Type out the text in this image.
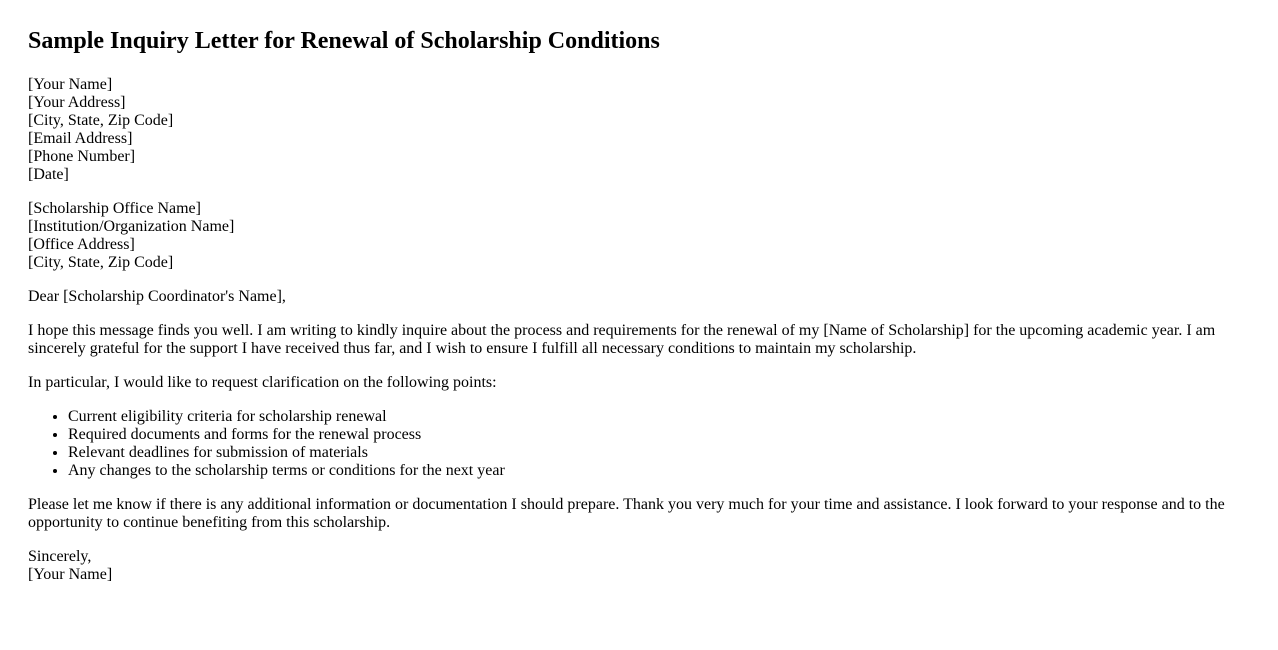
Sample Inquiry Letter for Renewal of Scholarship Conditions
[Your Name]
[Your Address]
[City, State, Zip Code]
[Email Address]
[Phone Number]
[Date]
[Scholarship Office Name]
[Institution/Organization Name]
[Office Address]
[City, State, Zip Code]

Dear [Scholarship Coordinator's Name],

I hope this message finds you well. I am writing to kindly inquire about the process and requirements for the renewal of my [Name of Scholarship] for the upcoming academic year. I am sincerely grateful for the support I have received thus far, and I wish to ensure I fulfill all necessary conditions to maintain my scholarship.

In particular, I would like to request clarification on the following points:

• Current eligibility criteria for scholarship renewal
• Required documents and forms for the renewal process
• Relevant deadlines for submission of materials
• Any changes to the scholarship terms or conditions for the next year

Please let me know if there is any additional information or documentation I should prepare. Thank you very much for your time and assistance. I look forward to your response and to the opportunity to continue benefiting from this scholarship.

Sincerely,
[Your Name]
